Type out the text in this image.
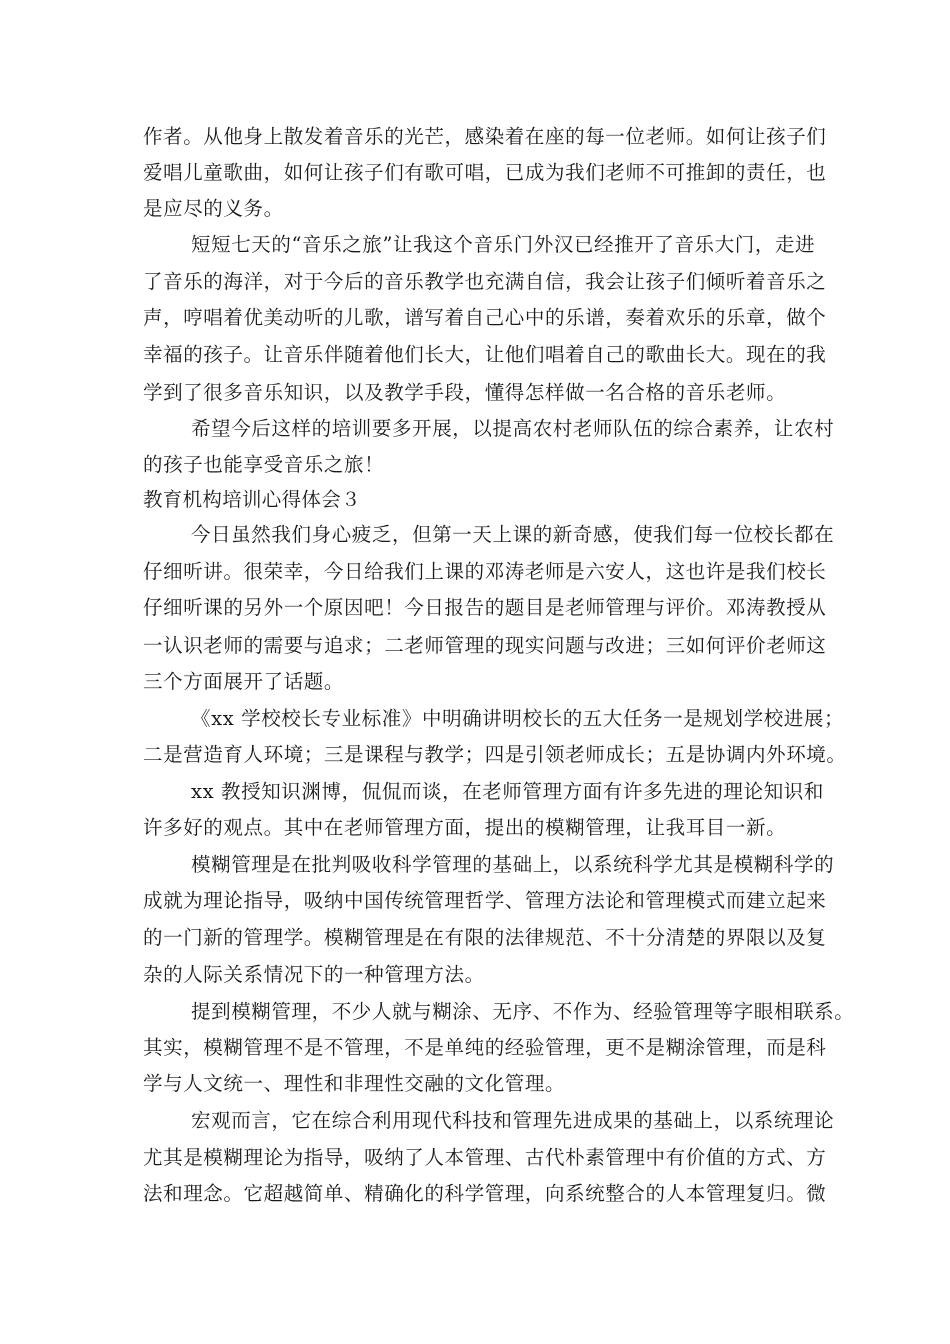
作者。从他身上散发着音乐的光芒，感染着在座的每一位老师。如何让孩子们
爱唱儿童歌曲，如何让孩子们有歌可唱，已成为我们老师不可推卸的责任，也
是应尽的义务。
短短七天的“音乐之旅”让我这个音乐门外汉已经推开了音乐大门，走进
了音乐的海洋，对于今后的音乐教学也充满自信，我会让孩子们倾听着音乐之
声，哼唱着优美动听的儿歌，谱写着自己心中的乐谱，奏着欢乐的乐章，做个
幸福的孩子。让音乐伴随着他们长大，让他们唱着自己的歌曲长大。现在的我
学到了很多音乐知识，以及教学手段，懂得怎样做一名合格的音乐老师。
希望今后这样的培训要多开展，以提高农村老师队伍的综合素养，让农村
的孩子也能享受音乐之旅！
教育机构培训心得体会３
今日虽然我们身心疲乏，但第一天上课的新奇感，使我们每一位校长都在
仔细听讲。很荣幸，今日给我们上课的邓涛老师是六安人，这也许是我们校长
仔细听课的另外一个原因吧！今日报告的题目是老师管理与评价。邓涛教授从
一认识老师的需要与追求；二老师管理的现实问题与改进；三如何评价老师这
三个方面展开了话题。
《xx 学校校长专业标准》中明确讲明校长的五大任务一是规划学校进展；
二是营造育人环境；三是课程与教学；四是引领老师成长；五是协调内外环境。
xx 教授知识渊博，侃侃而谈，在老师管理方面有许多先进的理论知识和
许多好的观点。其中在老师管理方面，提出的模糊管理，让我耳目一新。
模糊管理是在批判吸收科学管理的基础上，以系统科学尤其是模糊科学的
成就为理论指导，吸纳中国传统管理哲学、管理方法论和管理模式而建立起来
的一门新的管理学。模糊管理是在有限的法律规范、不十分清楚的界限以及复
杂的人际关系情况下的一种管理方法。
提到模糊管理，不少人就与糊涂、无序、不作为、经验管理等字眼相联系。
其实，模糊管理不是不管理，不是单纯的经验管理，更不是糊涂管理，而是科
学与人文统一、理性和非理性交融的文化管理。
宏观而言，它在综合利用现代科技和管理先进成果的基础上，以系统理论
尤其是模糊理论为指导，吸纳了人本管理、古代朴素管理中有价值的方式、方
法和理念。它超越简单、精确化的科学管理，向系统整合的人本管理复归。微
